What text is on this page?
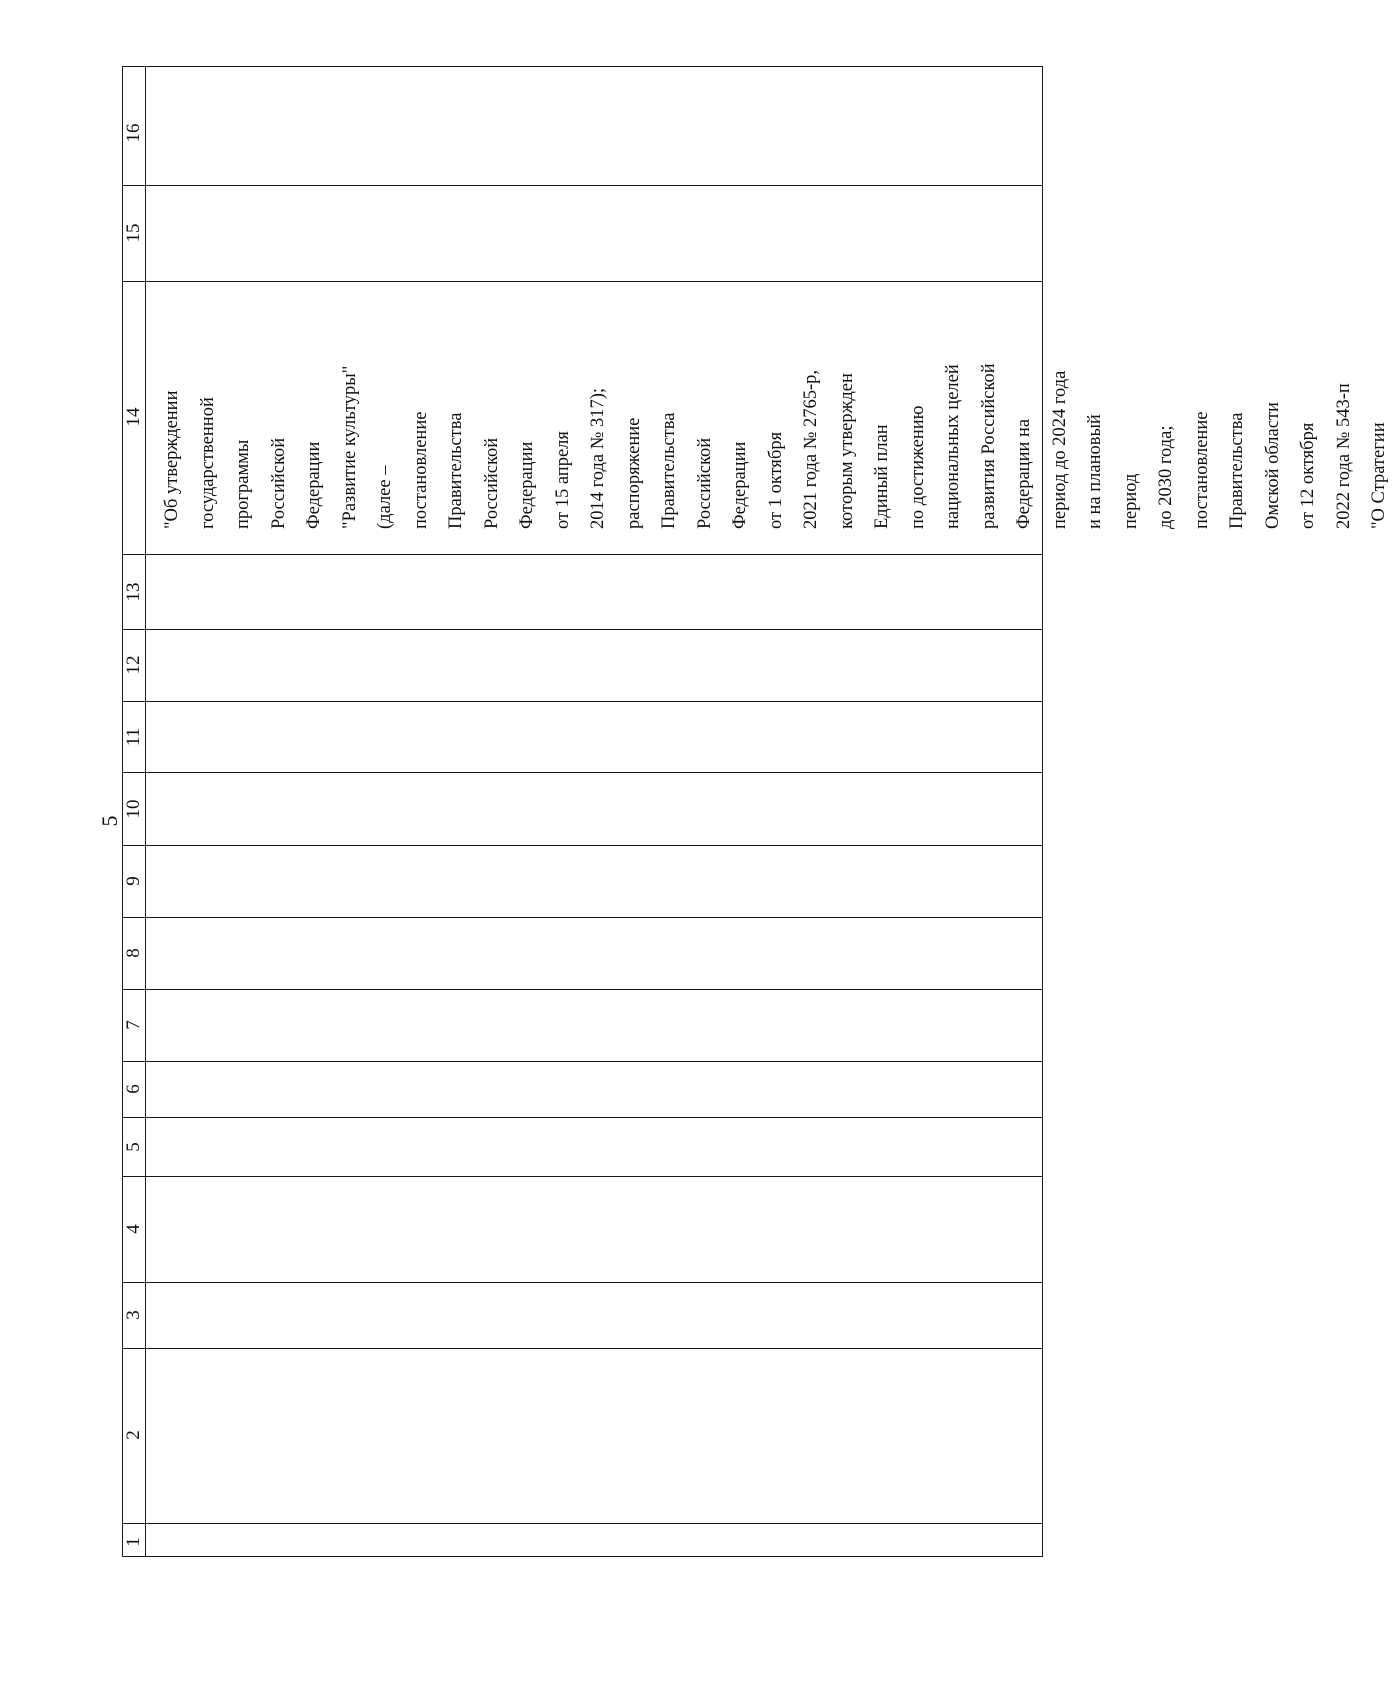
5
1
2
3
4
5
6
7
8
9
10
11
12
13
14
15
16
"Об утверждении государственной программы Российской Федерации "Развитие культуры" (далее – постановление Правительства Российской Федерации от 15 апреля 2014 года № 317); распоряжение Правительства Российской Федерации от 1 октября 2021 года № 2765-р, которым утвержден Единый план по достижению национальных целей развития Российской Федерации на период до 2024 года и на плановый период до 2030 года; постановление Правительства Омской области от 12 октября 2022 года № 543-п "О Стратегии
